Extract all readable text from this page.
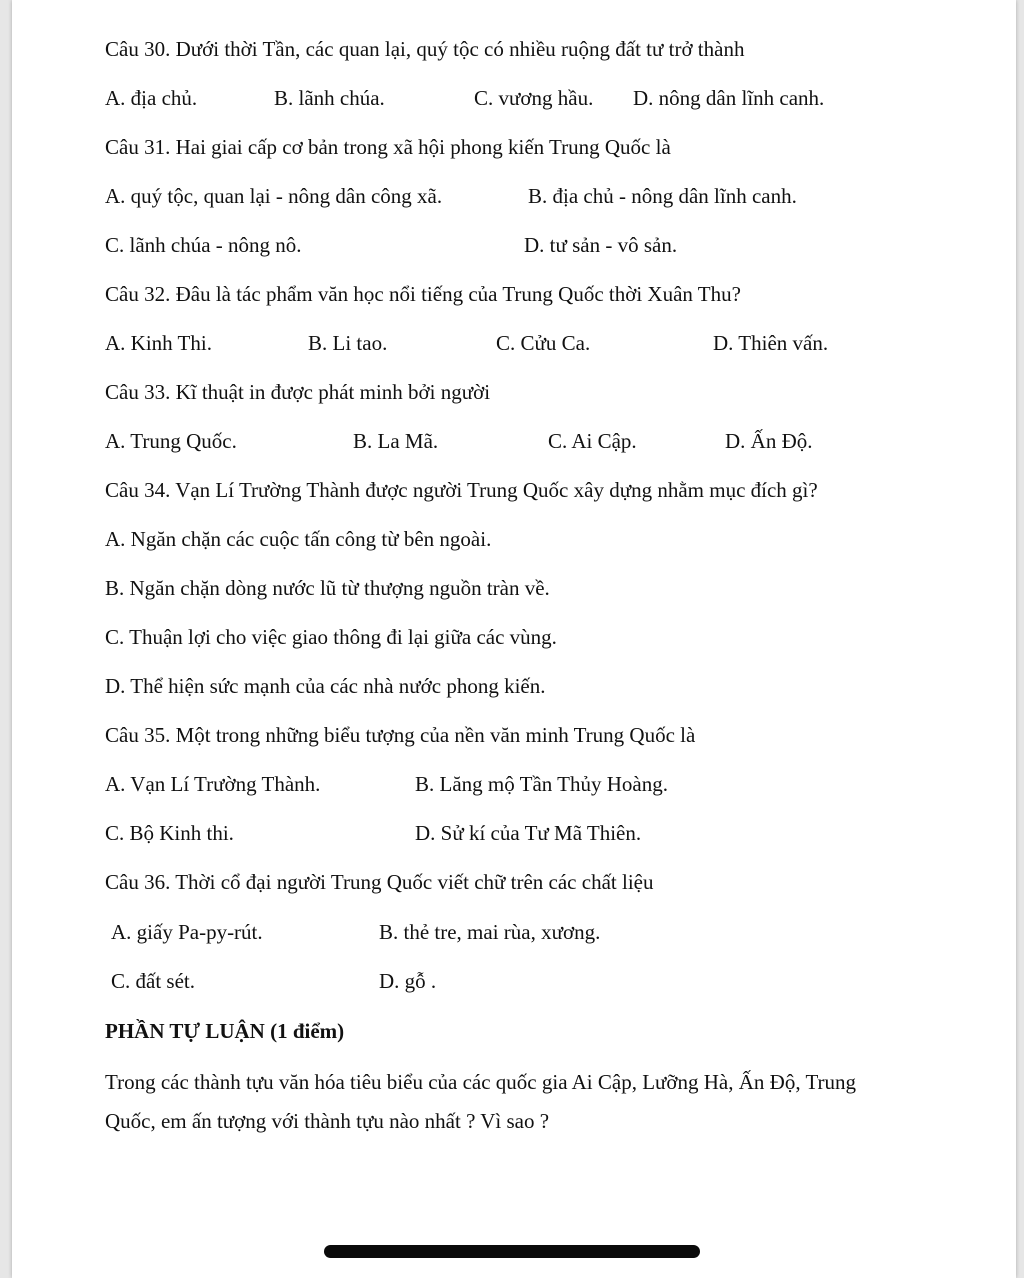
Câu 30. Dưới thời Tần, các quan lại, quý tộc có nhiều ruộng đất tư trở thành
A. địa chủ.	B. lãnh chúa.	C. vương hầu. D. nông dân lĩnh canh.
Câu 31. Hai giai cấp cơ bản trong xã hội phong kiến Trung Quốc là
A. quý tộc, quan lại - nông dân công xã.	B. địa chủ - nông dân lĩnh canh.
C. lãnh chúa - nông nô.	D. tư sản - vô sản.
Câu 32. Đâu là tác phẩm văn học nổi tiếng của Trung Quốc thời Xuân Thu?
A. Kinh Thi.	B. Li tao.	C. Cửu Ca.	D. Thiên vấn.
Câu 33. Kĩ thuật in được phát minh bởi người
A. Trung Quốc.	B. La Mã.	C. Ai Cập.	D. Ấn Độ.
Câu 34. Vạn Lí Trường Thành được người Trung Quốc xây dựng nhằm mục đích gì?
A. Ngăn chặn các cuộc tấn công từ bên ngoài.
B. Ngăn chặn dòng nước lũ từ thượng nguồn tràn về.
C. Thuận lợi cho việc giao thông đi lại giữa các vùng.
D. Thể hiện sức mạnh của các nhà nước phong kiến.
Câu 35. Một trong những biểu tượng của nền văn minh Trung Quốc là
A. Vạn Lí Trường Thành.	B. Lăng mộ Tần Thủy Hoàng.
C. Bộ Kinh thi.	D. Sử kí của Tư Mã Thiên.
Câu 36. Thời cổ đại người Trung Quốc viết chữ trên các chất liệu
A. giấy Pa-py-rút.	B. thẻ tre, mai rùa, xương.
C. đất sét.	D. gỗ .
PHẦN TỰ LUẬN (1 điểm)
Trong các thành tựu văn hóa tiêu biểu của các quốc gia Ai Cập, Lưỡng Hà, Ấn Độ, Trung
Quốc, em ấn tượng với thành tựu nào nhất ? Vì sao ?
